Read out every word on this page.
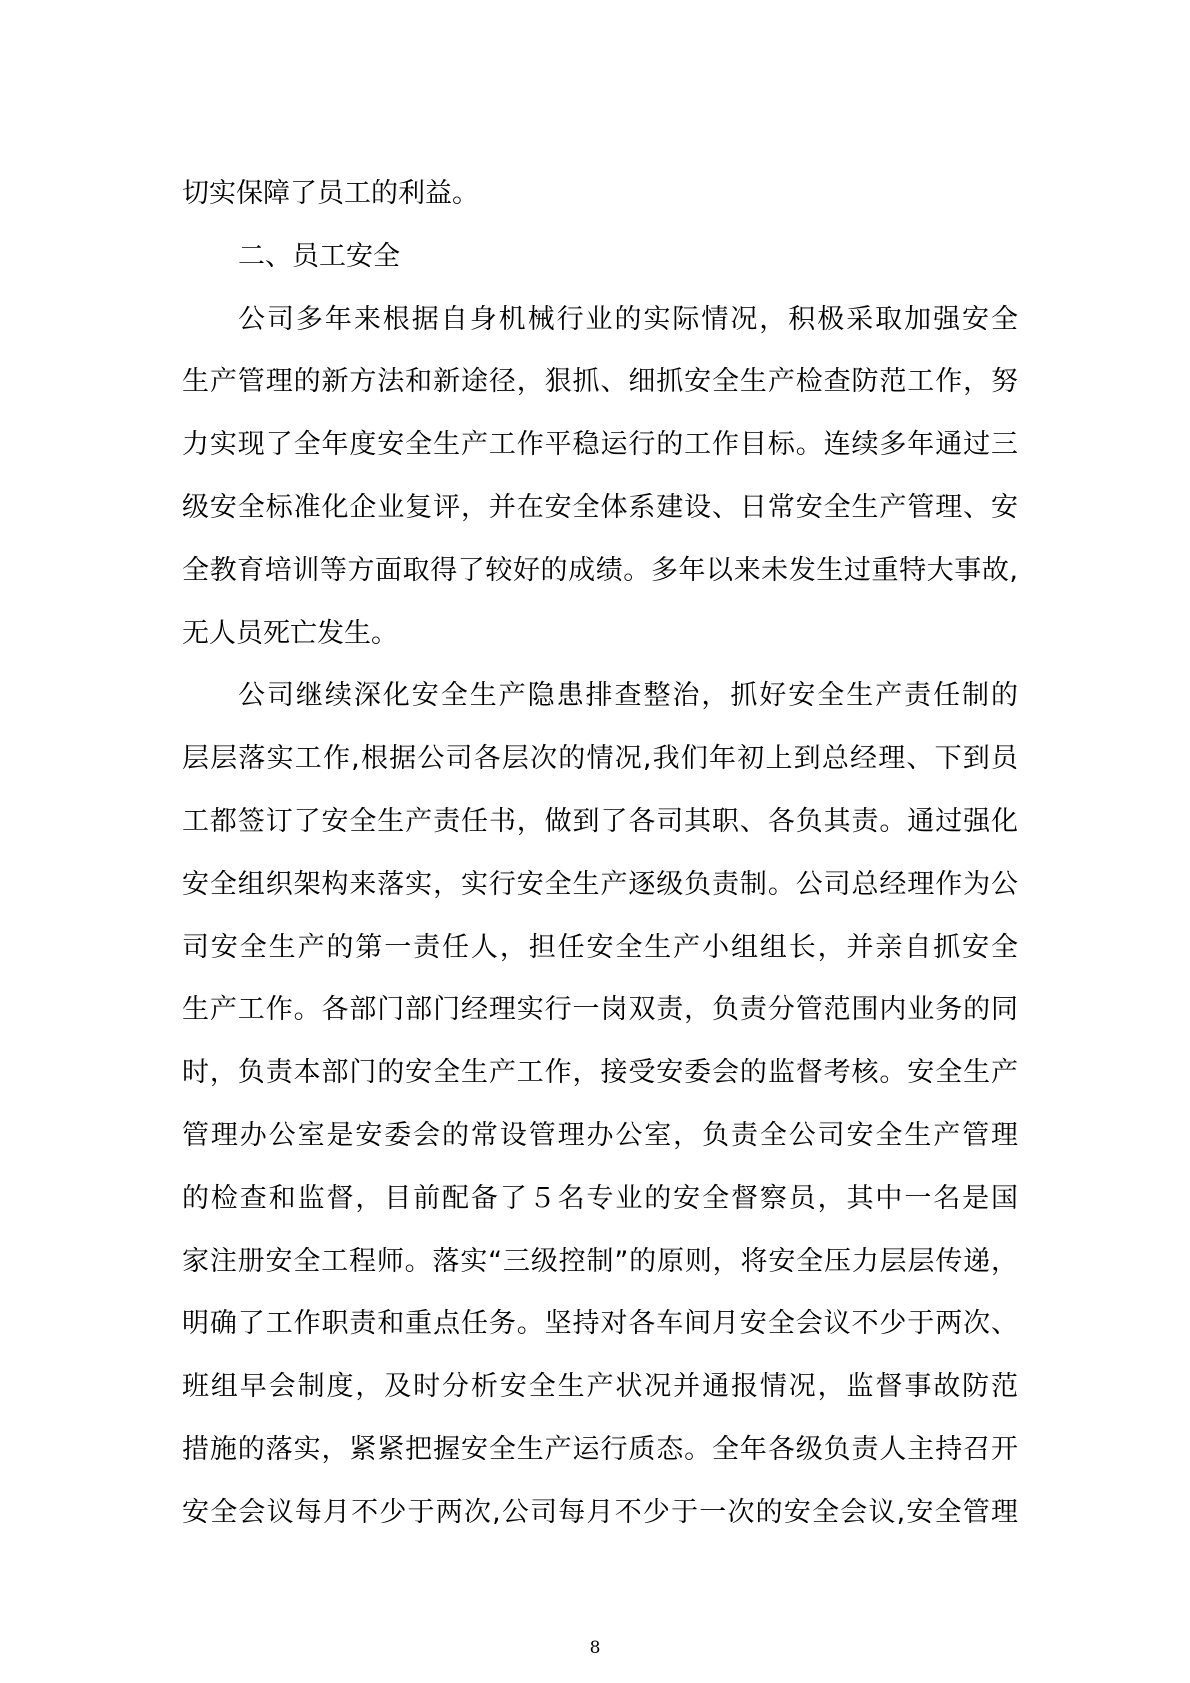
切实保障了员工的利益。
二、员工安全
公司多年来根据自身机械行业的实际情况，积极采取加强安全
生产管理的新方法和新途径，狠抓、细抓安全生产检查防范工作，努
力实现了全年度安全生产工作平稳运行的工作目标。连续多年通过三
级安全标准化企业复评，并在安全体系建设、日常安全生产管理、安
全教育培训等方面取得了较好的成绩。多年以来未发生过重特大事故,
无人员死亡发生。
公司继续深化安全生产隐患排查整治，抓好安全生产责任制的
层层落实工作,根据公司各层次的情况,我们年初上到总经理、下到员
工都签订了安全生产责任书，做到了各司其职、各负其责。通过强化
安全组织架构来落实，实行安全生产逐级负责制。公司总经理作为公
司安全生产的第一责任人，担任安全生产小组组长，并亲自抓安全
生产工作。各部门部门经理实行一岗双责，负责分管范围内业务的同
时，负责本部门的安全生产工作，接受安委会的监督考核。安全生产
管理办公室是安委会的常设管理办公室，负责全公司安全生产管理
的检查和监督，目前配备了５名专业的安全督察员，其中一名是国
家注册安全工程师。落实“三级控制”的原则，将安全压力层层传递，
明确了工作职责和重点任务。坚持对各车间月安全会议不少于两次、
班组早会制度，及时分析安全生产状况并通报情况，监督事故防范
措施的落实，紧紧把握安全生产运行质态。全年各级负责人主持召开
安全会议每月不少于两次,公司每月不少于一次的安全会议,安全管理
8
